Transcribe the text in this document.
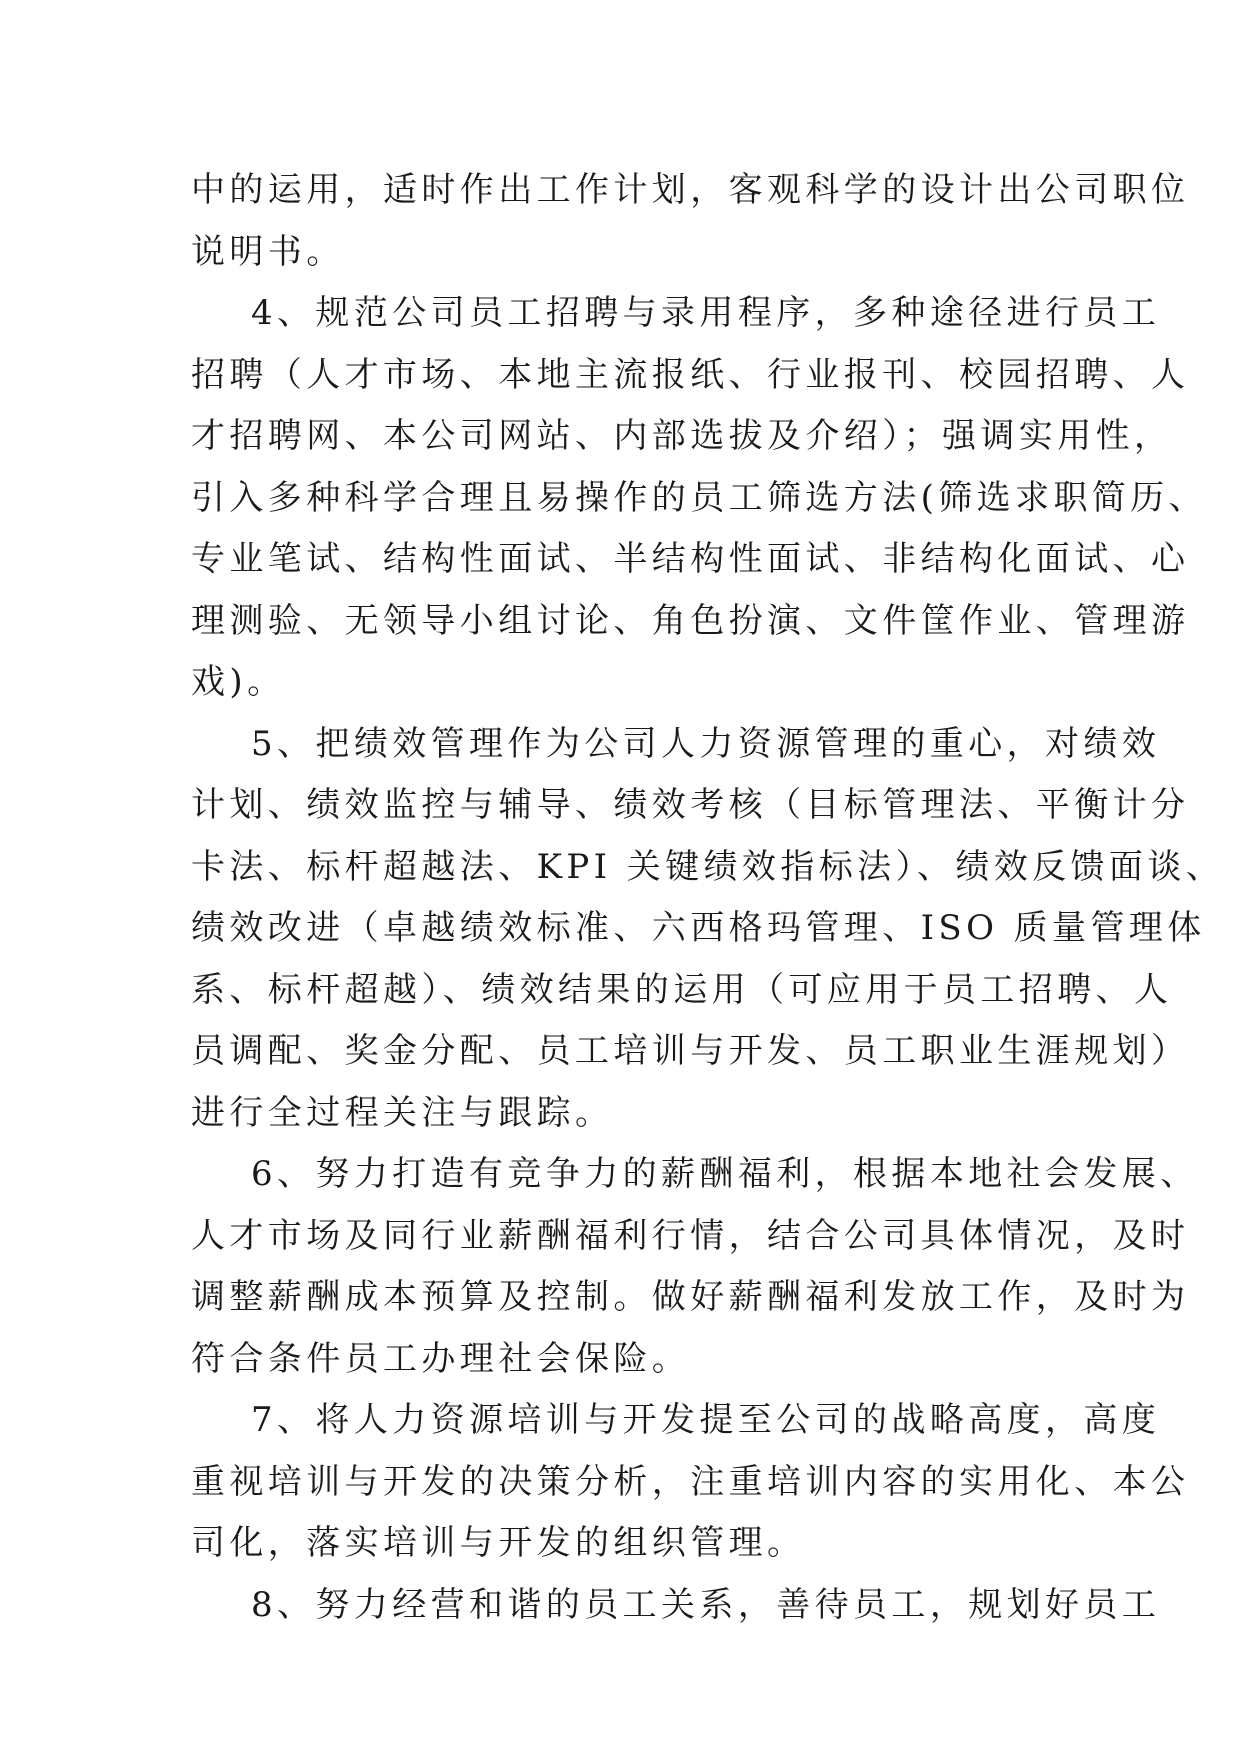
中的运用，适时作出工作计划，客观科学的设计出公司职位
说明书。
4、规范公司员工招聘与录用程序，多种途径进行员工
招聘（人才市场、本地主流报纸、行业报刊、校园招聘、人
才招聘网、本公司网站、内部选拔及介绍）；强调实用性，
引入多种科学合理且易操作的员工筛选方法(筛选求职简历、
专业笔试、结构性面试、半结构性面试、非结构化面试、心
理测验、无领导小组讨论、角色扮演、文件筐作业、管理游
戏)。
5、把绩效管理作为公司人力资源管理的重心，对绩效
计划、绩效监控与辅导、绩效考核（目标管理法、平衡计分
卡法、标杆超越法、KPI 关键绩效指标法）、绩效反馈面谈、
绩效改进（卓越绩效标准、六西格玛管理、ISO 质量管理体
系、标杆超越）、绩效结果的运用（可应用于员工招聘、人
员调配、奖金分配、员工培训与开发、员工职业生涯规划）
进行全过程关注与跟踪。
6、努力打造有竞争力的薪酬福利，根据本地社会发展、
人才市场及同行业薪酬福利行情，结合公司具体情况，及时
调整薪酬成本预算及控制。做好薪酬福利发放工作，及时为
符合条件员工办理社会保险。
7、将人力资源培训与开发提至公司的战略高度，高度
重视培训与开发的决策分析，注重培训内容的实用化、本公
司化，落实培训与开发的组织管理。
8、努力经营和谐的员工关系，善待员工，规划好员工
